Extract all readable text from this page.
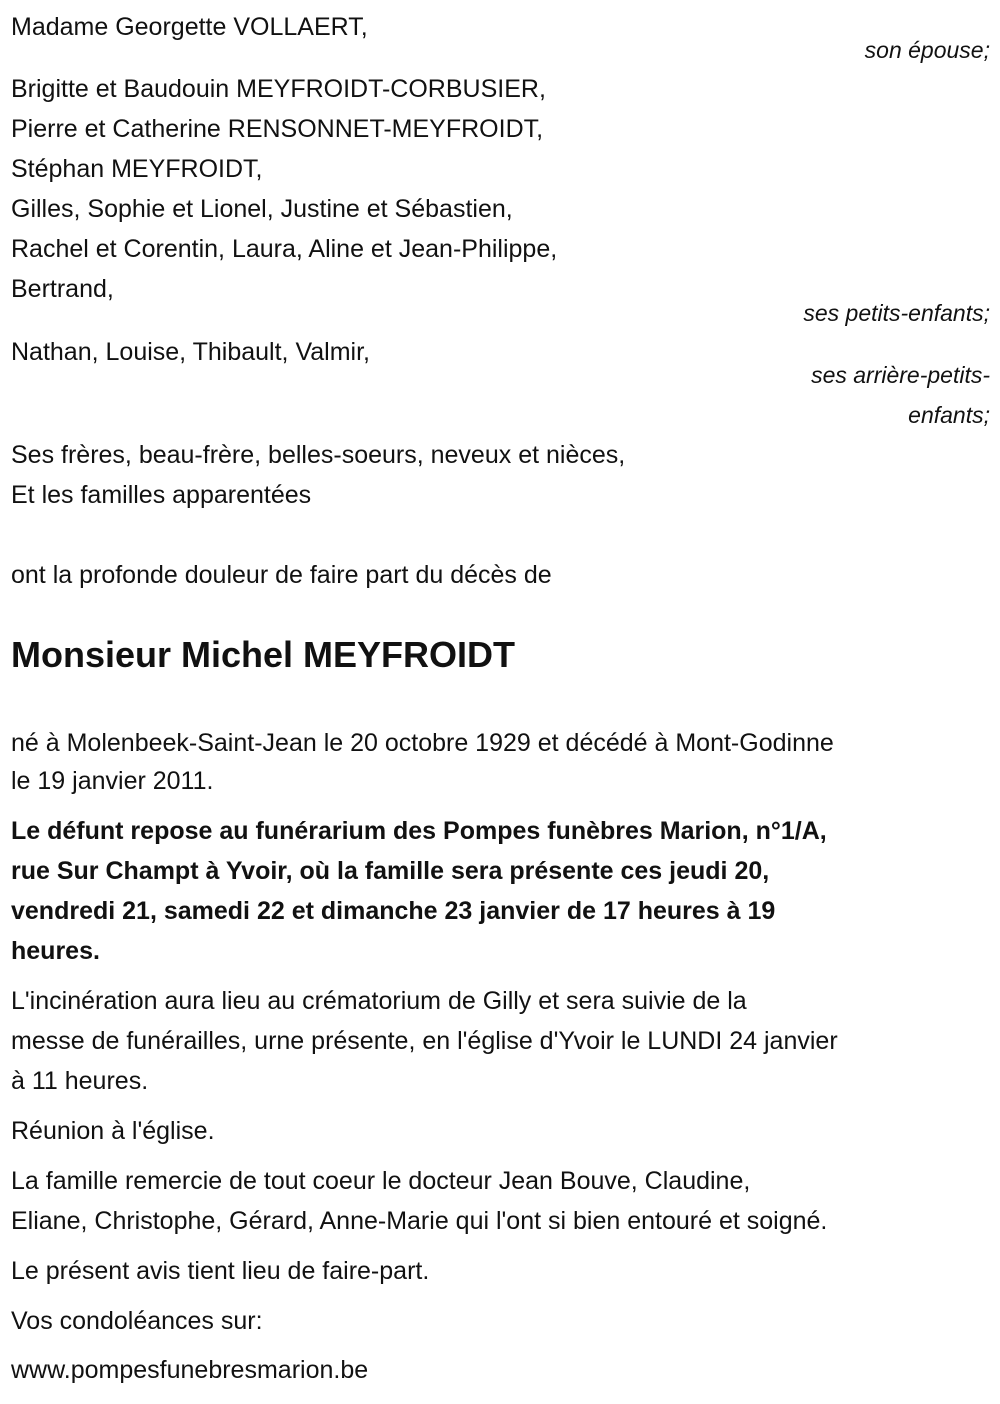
Madame Georgette VOLLAERT,
son épouse;
Brigitte et Baudouin MEYFROIDT-CORBUSIER,
Pierre et Catherine RENSONNET-MEYFROIDT,
Stéphan MEYFROIDT,
Gilles, Sophie et Lionel, Justine et Sébastien,
Rachel et Corentin, Laura, Aline et Jean-Philippe,
Bertrand,
ses petits-enfants;
Nathan, Louise, Thibault, Valmir,
ses arrière-petits-
enfants;
Ses frères, beau-frère, belles-soeurs, neveux et nièces,
Et les familles apparentées
ont la profonde douleur de faire part du décès de
Monsieur Michel MEYFROIDT
né à Molenbeek-Saint-Jean le 20 octobre 1929 et décédé à Mont-Godinne
le 19 janvier 2011.
Le défunt repose au funérarium des Pompes funèbres Marion, n°1/A,
rue Sur Champt à Yvoir, où la famille sera présente ces jeudi 20,
vendredi 21, samedi 22 et dimanche 23 janvier de 17 heures à 19
heures.
L'incinération aura lieu au crématorium de Gilly et sera suivie de la
messe de funérailles, urne présente, en l'église d'Yvoir le LUNDI 24 janvier
à 11 heures.
Réunion à l'église.
La famille remercie de tout coeur le docteur Jean Bouve, Claudine,
Eliane, Christophe, Gérard, Anne-Marie qui l'ont si bien entouré et soigné.
Le présent avis tient lieu de faire-part.
Vos condoléances sur:
www.pompesfunebresmarion.be
